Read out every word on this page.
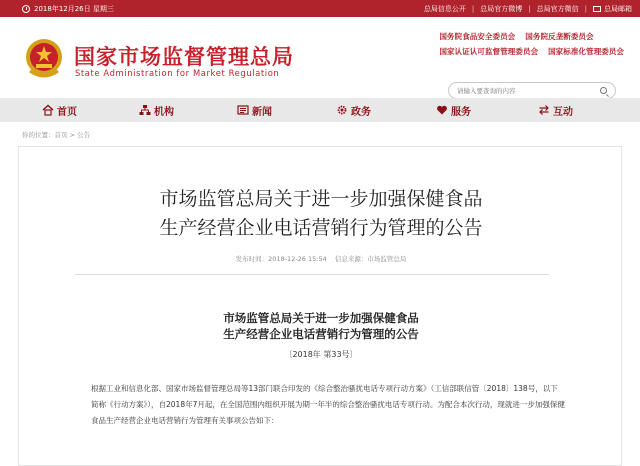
2018年12月26日 星期三	总局信息公开 | 总局官方微博 | 总局官方微信 | 总局邮箱
国家市场监督管理总局
State Administration for Market Regulation
国务院食品安全委员会 国务院反垄断委员会
国家认证认可监督管理委员会 国家标准化管理委员会
请输入要查询的内容
首页	机构	新闻	政务	服务	互动
你的位置：首页 > 公告
市场监管总局关于进一步加强保健食品
生产经营企业电话营销行为管理的公告
发布时间：2018-12-26 15:54 信息来源：市场监管总局
市场监管总局关于进一步加强保健食品
生产经营企业电话营销行为管理的公告
〔2018年 第33号〕
根据工业和信息化部、国家市场监督管理总局等13部门联合印发的《综合整治骚扰电话专项行动方案》（工信部联信管〔2018〕138号，以下简称《行动方案》），自2018年7月起，在全国范围内组织开展为期一年半的综合整治骚扰电话专项行动。为配合本次行动，现就进一步加强保健食品生产经营企业电话营销行为管理有关事项公告如下：
